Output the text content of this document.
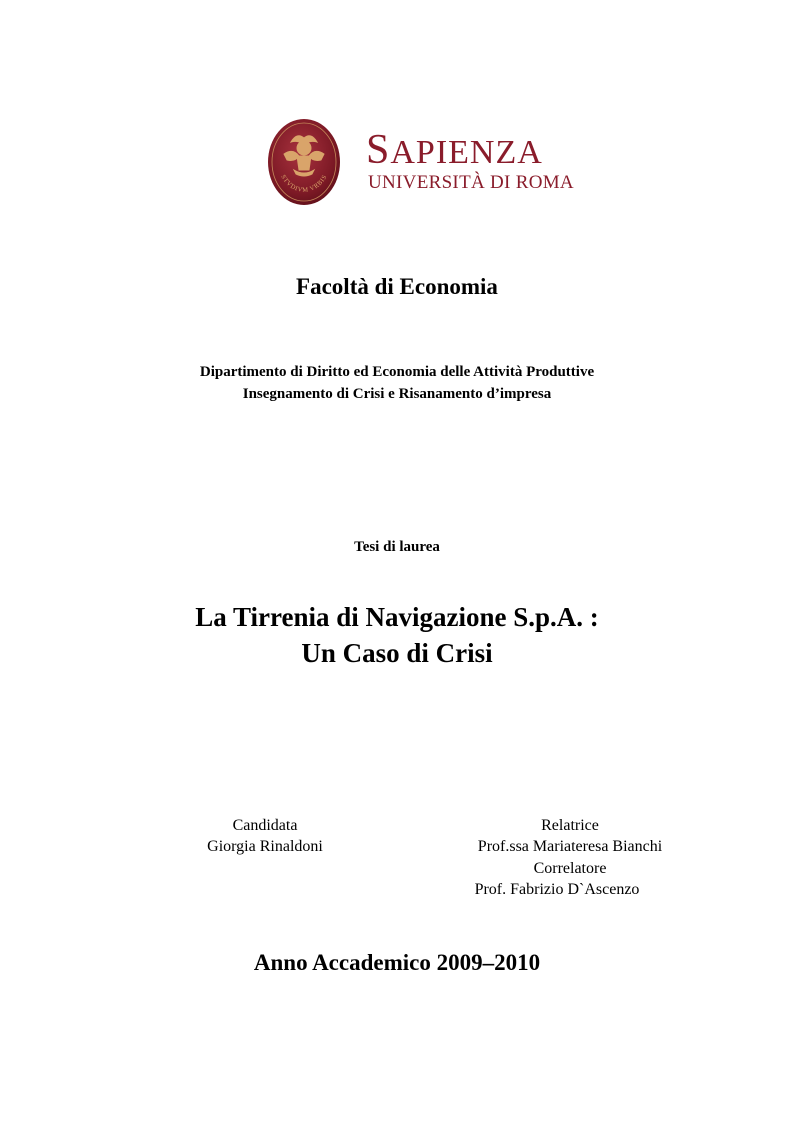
STVDIVM VRBIS
SAPIENZA
UNIVERSITÀ DI ROMA
Facoltà di Economia
Dipartimento di Diritto ed Economia delle Attività Produttive
Insegnamento di Crisi e Risanamento d’impresa
Tesi di laurea
La Tirrenia di Navigazione S.p.A. :
Un Caso di Crisi
Candidata
Giorgia Rinaldoni
Relatrice
Prof.ssa Mariateresa Bianchi
Correlatore
Prof. Fabrizio D`Ascenzo
Anno Accademico 2009–2010
